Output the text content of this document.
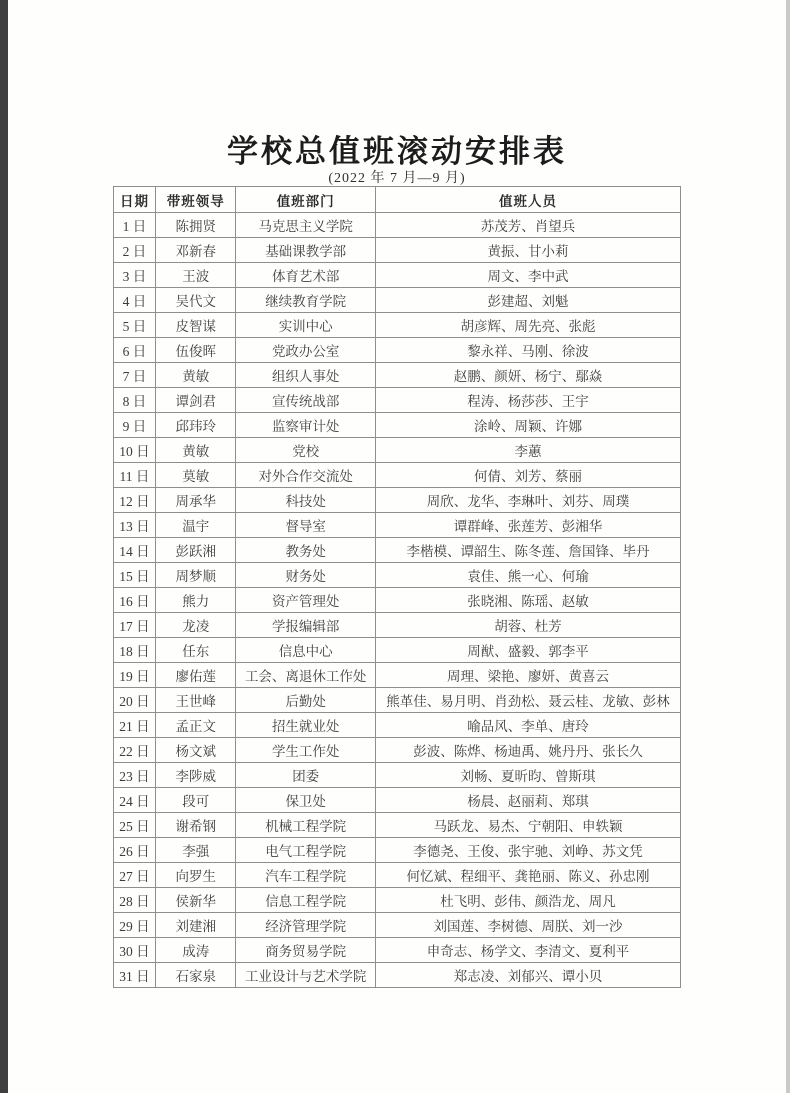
学校总值班滚动安排表
(2022 年 7 月—9 月)
日期	带班领导	值班部门	值班人员
1 日	陈拥贤	马克思主义学院	苏茂芳、肖望兵
2 日	邓新春	基础课教学部	黄振、甘小莉
3 日	王波	体育艺术部	周文、李中武
4 日	吴代文	继续教育学院	彭建超、刘魁
5 日	皮智谋	实训中心	胡彦辉、周先亮、张彪
6 日	伍俊晖	党政办公室	黎永祥、马刚、徐波
7 日	黄敏	组织人事处	赵鹏、颜妍、杨宁、鄢焱
8 日	谭剑君	宣传统战部	程涛、杨莎莎、王宇
9 日	邱玮玲	监察审计处	涂岭、周颖、许娜
10 日	黄敏	党校	李蕙
11 日	莫敏	对外合作交流处	何倩、刘芳、蔡丽
12 日	周承华	科技处	周欣、龙华、李琳叶、刘芬、周璞
13 日	温宇	督导室	谭群峰、张莲芳、彭湘华
14 日	彭跃湘	教务处	李楷模、谭韶生、陈冬莲、詹国锋、毕丹
15 日	周梦顺	财务处	袁佳、熊一心、何瑜
16 日	熊力	资产管理处	张晓湘、陈瑶、赵敏
17 日	龙凌	学报编辑部	胡蓉、杜芳
18 日	任东	信息中心	周猷、盛毅、郭李平
19 日	廖佑莲	工会、离退休工作处	周理、梁艳、廖妍、黄喜云
20 日	王世峰	后勤处	熊革佳、易月明、肖劲松、聂云桂、龙敏、彭林
21 日	孟正文	招生就业处	喻品风、李单、唐玲
22 日	杨文斌	学生工作处	彭波、陈烨、杨迪禹、姚丹丹、张长久
23 日	李陟威	团委	刘畅、夏昕昀、曾斯琪
24 日	段可	保卫处	杨晨、赵丽莉、郑琪
25 日	谢希钢	机械工程学院	马跃龙、易杰、宁朝阳、申轶颖
26 日	李强	电气工程学院	李德尧、王俊、张宇驰、刘峥、苏文凭
27 日	向罗生	汽车工程学院	何忆斌、程细平、龚艳丽、陈义、孙忠刚
28 日	侯新华	信息工程学院	杜飞明、彭伟、颜浩龙、周凡
29 日	刘建湘	经济管理学院	刘国莲、李树德、周朕、刘一沙
30 日	成涛	商务贸易学院	申奇志、杨学文、李清文、夏利平
31 日	石家泉	工业设计与艺术学院	郑志凌、刘郁兴、谭小贝
